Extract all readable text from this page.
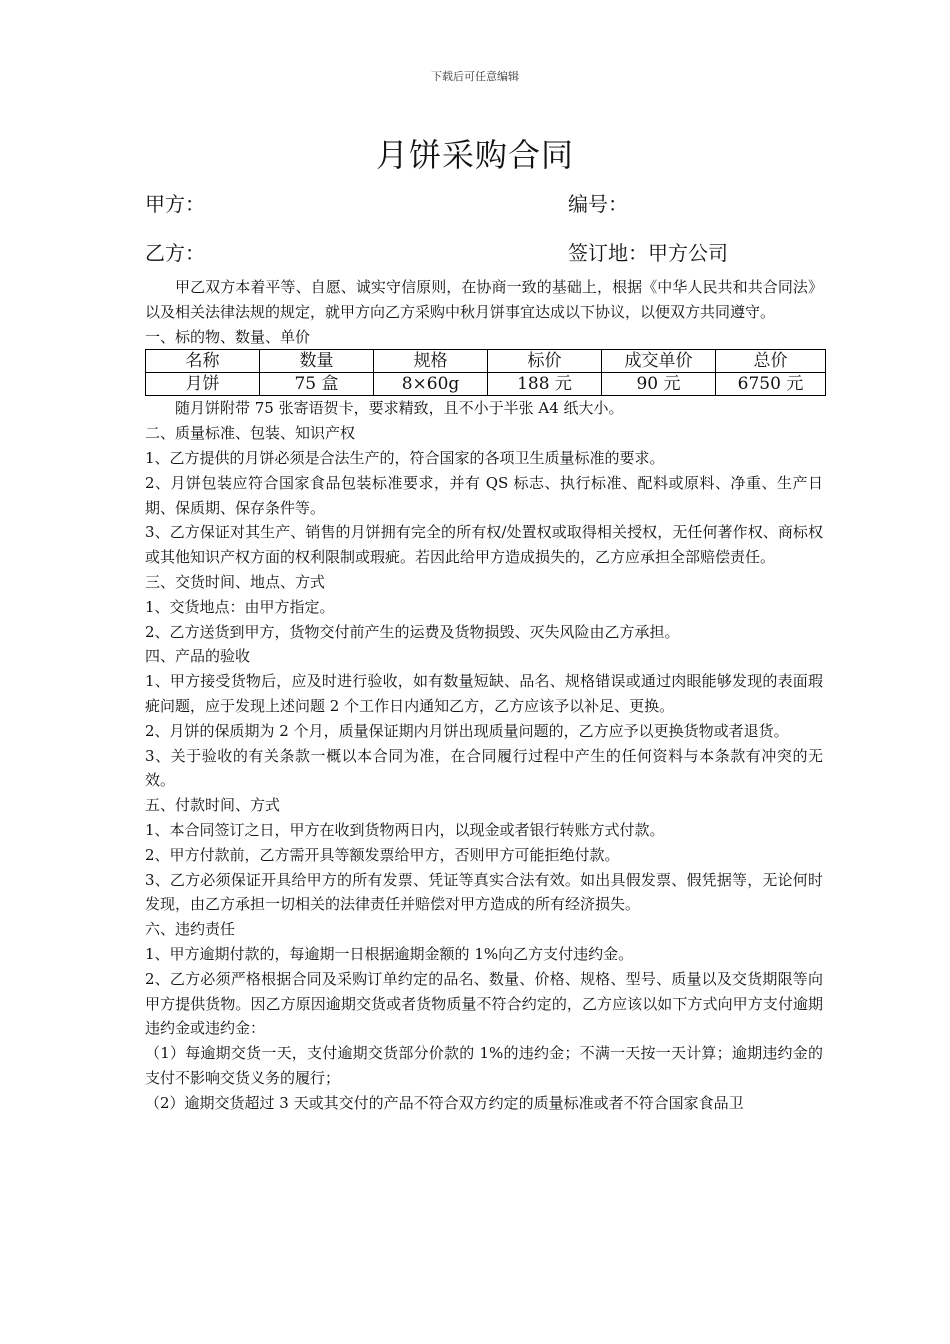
下载后可任意编辑
月饼采购合同
甲方：	编号：
乙方：	签订地：甲方公司

甲乙双方本着平等、自愿、诚实守信原则，在协商一致的基础上，根据《中华人民共和共合同法》以及相关法律法规的规定，就甲方向乙方采购中秋月饼事宜达成以下协议，以便双方共同遵守。

一、标的物、数量、单价

名称	数量	规格	标价	成交单价	总价
月饼	75 盒	8×60g	188 元	90 元	6750 元

随月饼附带 75 张寄语贺卡，要求精致，且不小于半张 A4 纸大小。

二、质量标准、包装、知识产权

1、乙方提供的月饼必须是合法生产的，符合国家的各项卫生质量标准的要求。

2、月饼包装应符合国家食品包装标准要求，并有 QS 标志、执行标准、配料或原料、净重、生产日期、保质期、保存条件等。

3、乙方保证对其生产、销售的月饼拥有完全的所有权/处置权或取得相关授权，无任何著作权、商标权或其他知识产权方面的权利限制或瑕疵。若因此给甲方造成损失的，乙方应承担全部赔偿责任。

三、交货时间、地点、方式

1、交货地点：由甲方指定。

2、乙方送货到甲方，货物交付前产生的运费及货物损毁、灭失风险由乙方承担。

四、产品的验收

1、甲方接受货物后，应及时进行验收，如有数量短缺、品名、规格错误或通过肉眼能够发现的表面瑕疵问题，应于发现上述问题 2 个工作日内通知乙方，乙方应该予以补足、更换。

2、月饼的保质期为 2 个月，质量保证期内月饼出现质量问题的，乙方应予以更换货物或者退货。

3、关于验收的有关条款一概以本合同为准，在合同履行过程中产生的任何资料与本条款有冲突的无效。

五、付款时间、方式

1、本合同签订之日，甲方在收到货物两日内，以现金或者银行转账方式付款。

2、甲方付款前，乙方需开具等额发票给甲方，否则甲方可能拒绝付款。

3、乙方必须保证开具给甲方的所有发票、凭证等真实合法有效。如出具假发票、假凭据等，无论何时发现，由乙方承担一切相关的法律责任并赔偿对甲方造成的所有经济损失。

六、违约责任

1、甲方逾期付款的，每逾期一日根据逾期金额的 1%向乙方支付违约金。

2、乙方必须严格根据合同及采购订单约定的品名、数量、价格、规格、型号、质量以及交货期限等向甲方提供货物。因乙方原因逾期交货或者货物质量不符合约定的，乙方应该以如下方式向甲方支付逾期违约金或违约金：

（1）每逾期交货一天，支付逾期交货部分价款的 1%的违约金；不满一天按一天计算；逾期违约金的支付不影响交货义务的履行；

（2）逾期交货超过 3 天或其交付的产品不符合双方约定的质量标准或者不符合国家食品卫
